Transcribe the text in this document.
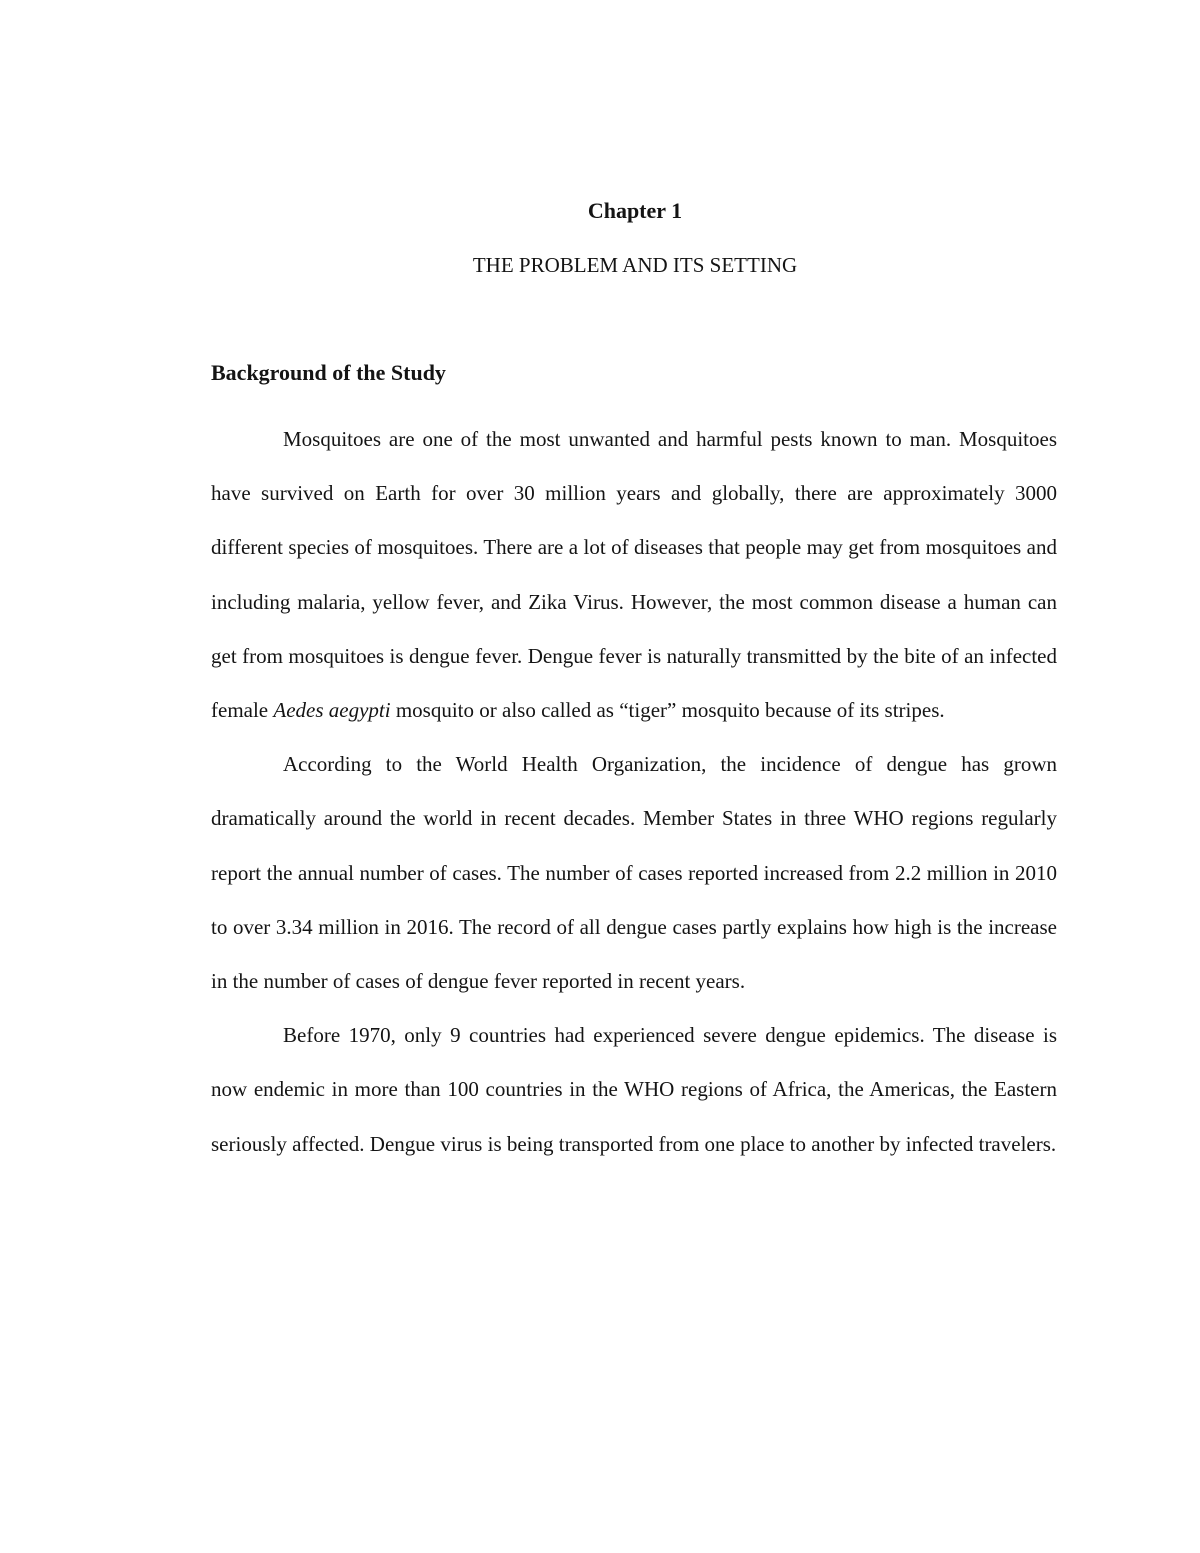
Chapter 1
THE PROBLEM AND ITS SETTING
Background of the Study

Mosquitoes are one of the most unwanted and harmful pests known to man. Mosquitoes have survived on Earth for over 30 million years and globally, there are approximately 3000 different species of mosquitoes. There are a lot of diseases that people may get from mosquitoes and including malaria, yellow fever, and Zika Virus. However, the most common disease a human can get from mosquitoes is dengue fever. Dengue fever is naturally transmitted by the bite of an infected female Aedes aegypti mosquito or also called as “tiger” mosquito because of its stripes.

According to the World Health Organization, the incidence of dengue has grown dramatically around the world in recent decades. Member States in three WHO regions regularly report the annual number of cases. The number of cases reported increased from 2.2 million in 2010 to over 3.34 million in 2016. The record of all dengue cases partly explains how high is the increase in the number of cases of dengue fever reported in recent years.

Before 1970, only 9 countries had experienced severe dengue epidemics. The disease is now endemic in more than 100 countries in the WHO regions of Africa, the Americas, the Eastern seriously affected. Dengue virus is being transported from one place to another by infected travelers.
